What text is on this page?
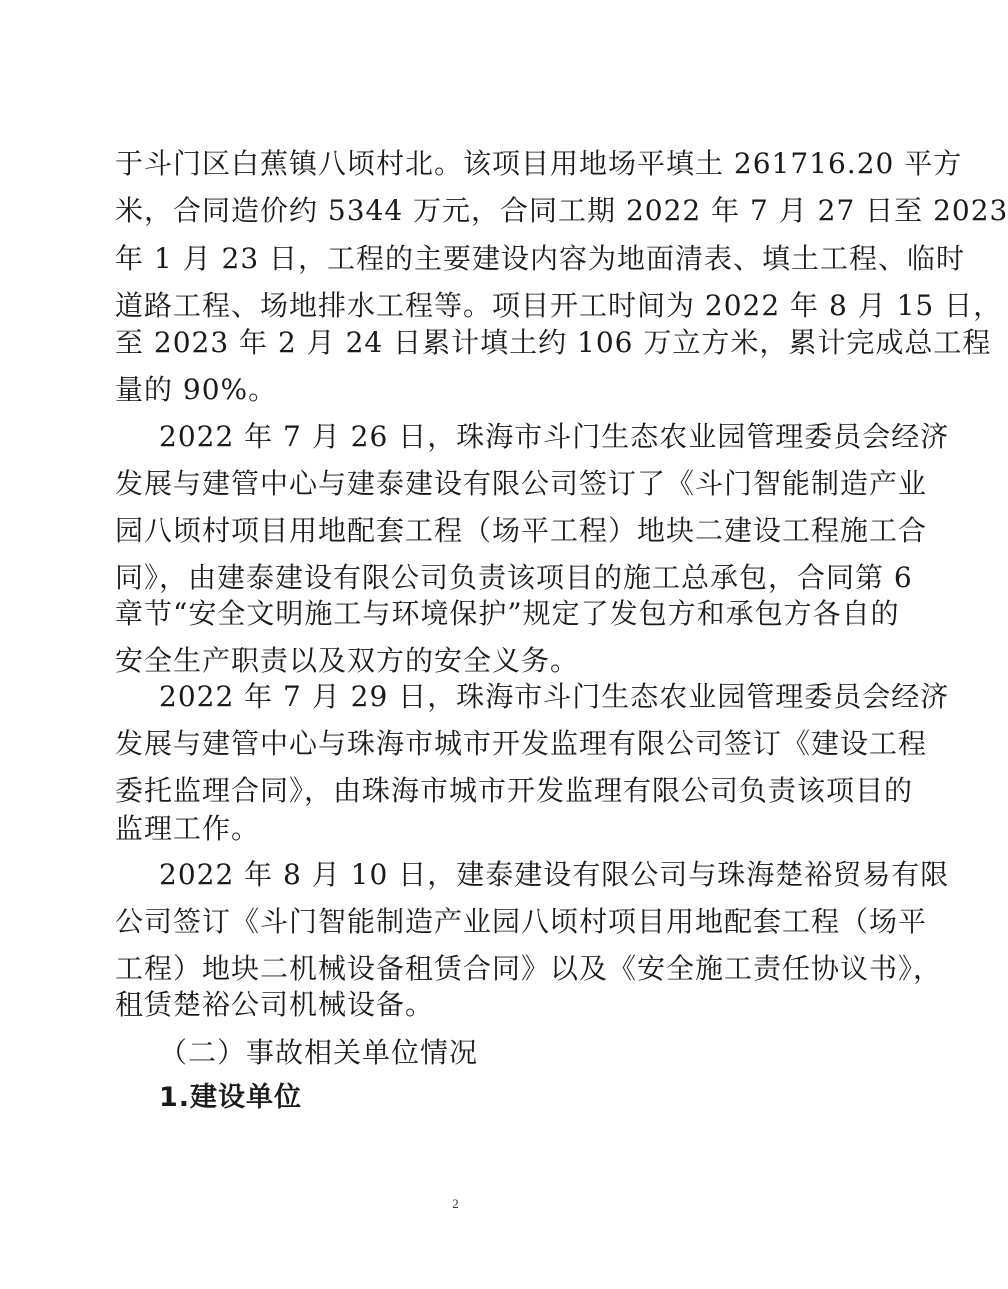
于斗门区白蕉镇八顷村北。该项目用地场平填土 261716.20 平方
米，合同造价约 5344 万元，合同工期 2022 年 7 月 27 日至 2023
年 1 月 23 日，工程的主要建设内容为地面清表、填土工程、临时
道路工程、场地排水工程等。项目开工时间为 2022 年 8 月 15 日，
至 2023 年 2 月 24 日累计填土约 106 万立方米，累计完成总工程
量的 90%。
2022 年 7 月 26 日，珠海市斗门生态农业园管理委员会经济
发展与建管中心与建泰建设有限公司签订了《斗门智能制造产业
园八顷村项目用地配套工程（场平工程）地块二建设工程施工合
同》，由建泰建设有限公司负责该项目的施工总承包，合同第 6
章节“安全文明施工与环境保护”规定了发包方和承包方各自的
安全生产职责以及双方的安全义务。
2022 年 7 月 29 日，珠海市斗门生态农业园管理委员会经济
发展与建管中心与珠海市城市开发监理有限公司签订《建设工程
委托监理合同》，由珠海市城市开发监理有限公司负责该项目的
监理工作。
2022 年 8 月 10 日，建泰建设有限公司与珠海楚裕贸易有限
公司签订《斗门智能制造产业园八顷村项目用地配套工程（场平
工程）地块二机械设备租赁合同》以及《安全施工责任协议书》，
租赁楚裕公司机械设备。
（二）事故相关单位情况
1.建设单位
2
